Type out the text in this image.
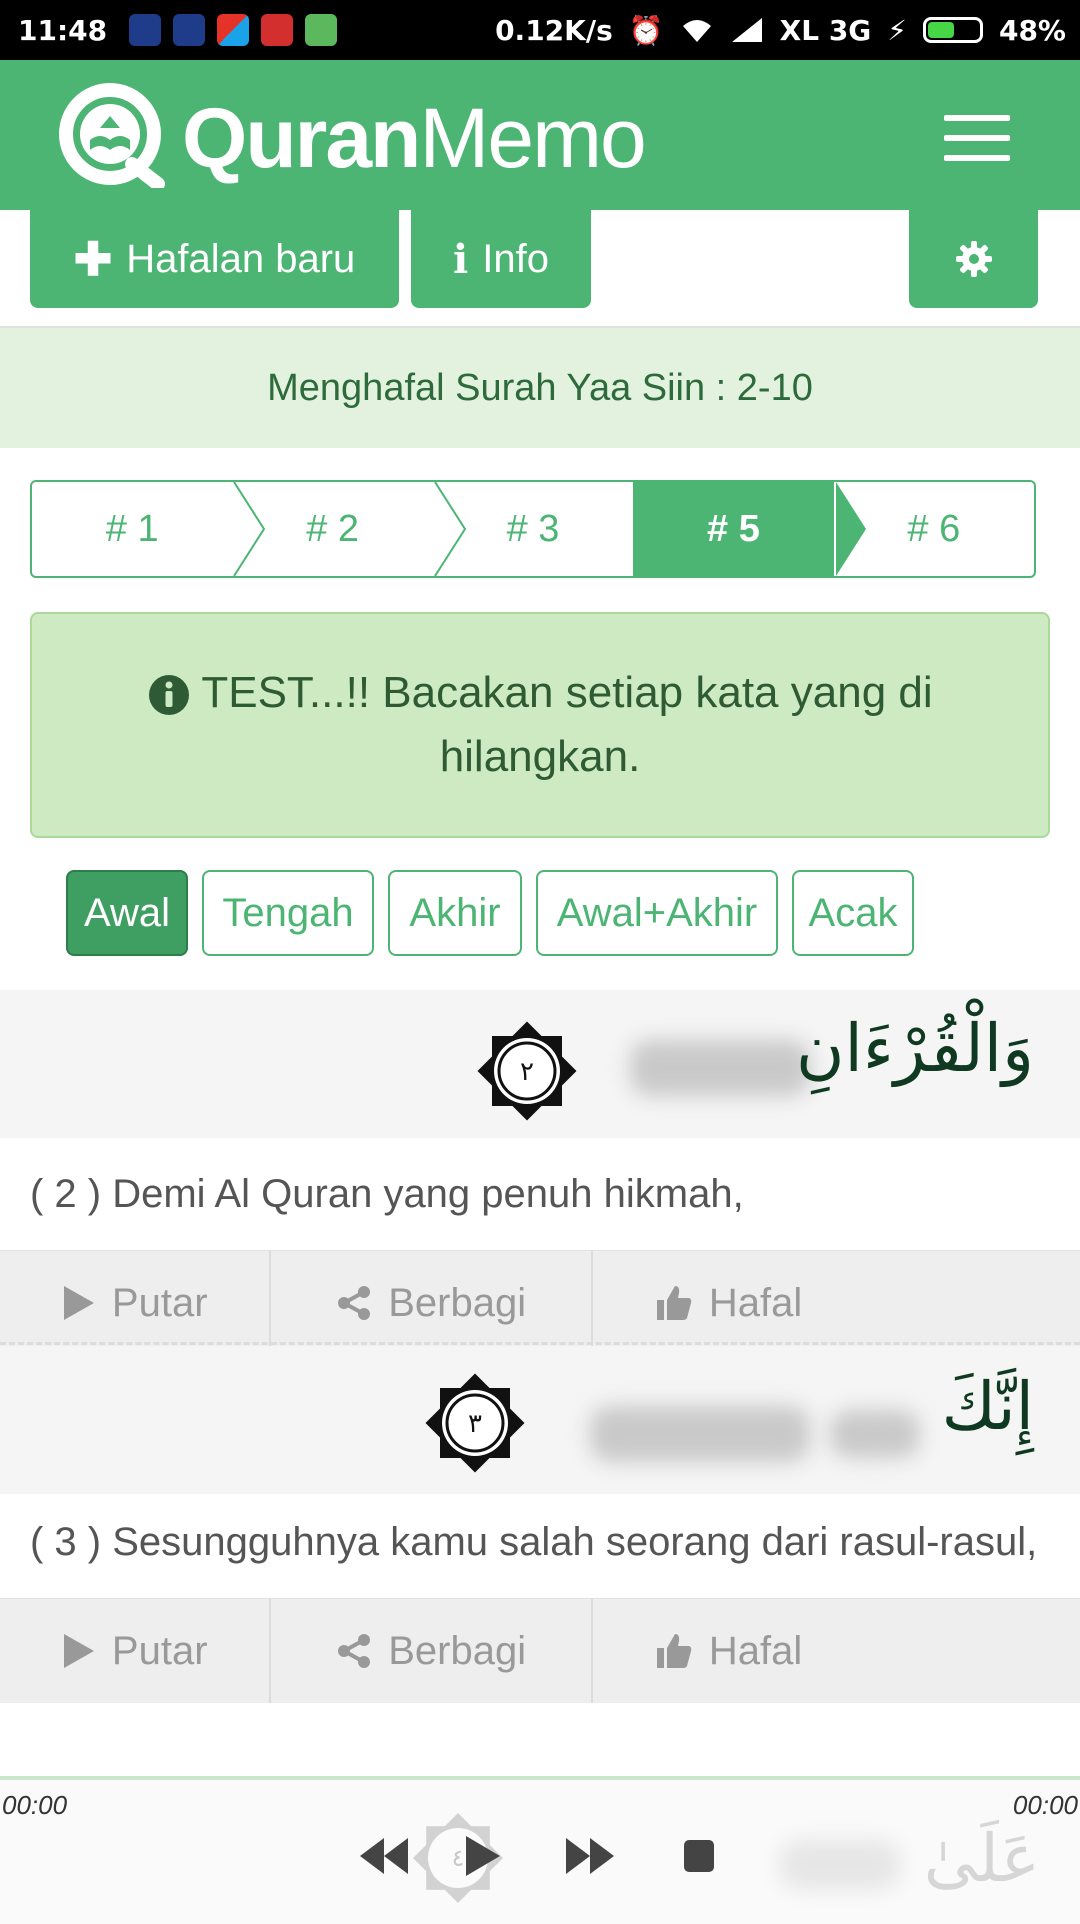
11:48	0.12K/s ⏰	XL 3G ⚡	48%
QuranMemo
✚ Hafalan baru i Info
Menghafal Surah Yaa Siin : 2-10
# 1	# 2	# 3	# 5	# 6
TEST...!! Bacakan setiap kata yang di hilangkan.
Awal	Tengah	Akhir	Awal+Akhir	Acak
٢	وَالْقُرْءَانِ
( 2 ) Demi Al Quran yang penuh hikmah,
Putar	Berbagi	Hafal
٣	إِنَّكَ
( 3 ) Sesungguhnya kamu salah seorang dari rasul-rasul,
Putar	Berbagi	Hafal
00:00	00:00
عَلَىٰ
٤
